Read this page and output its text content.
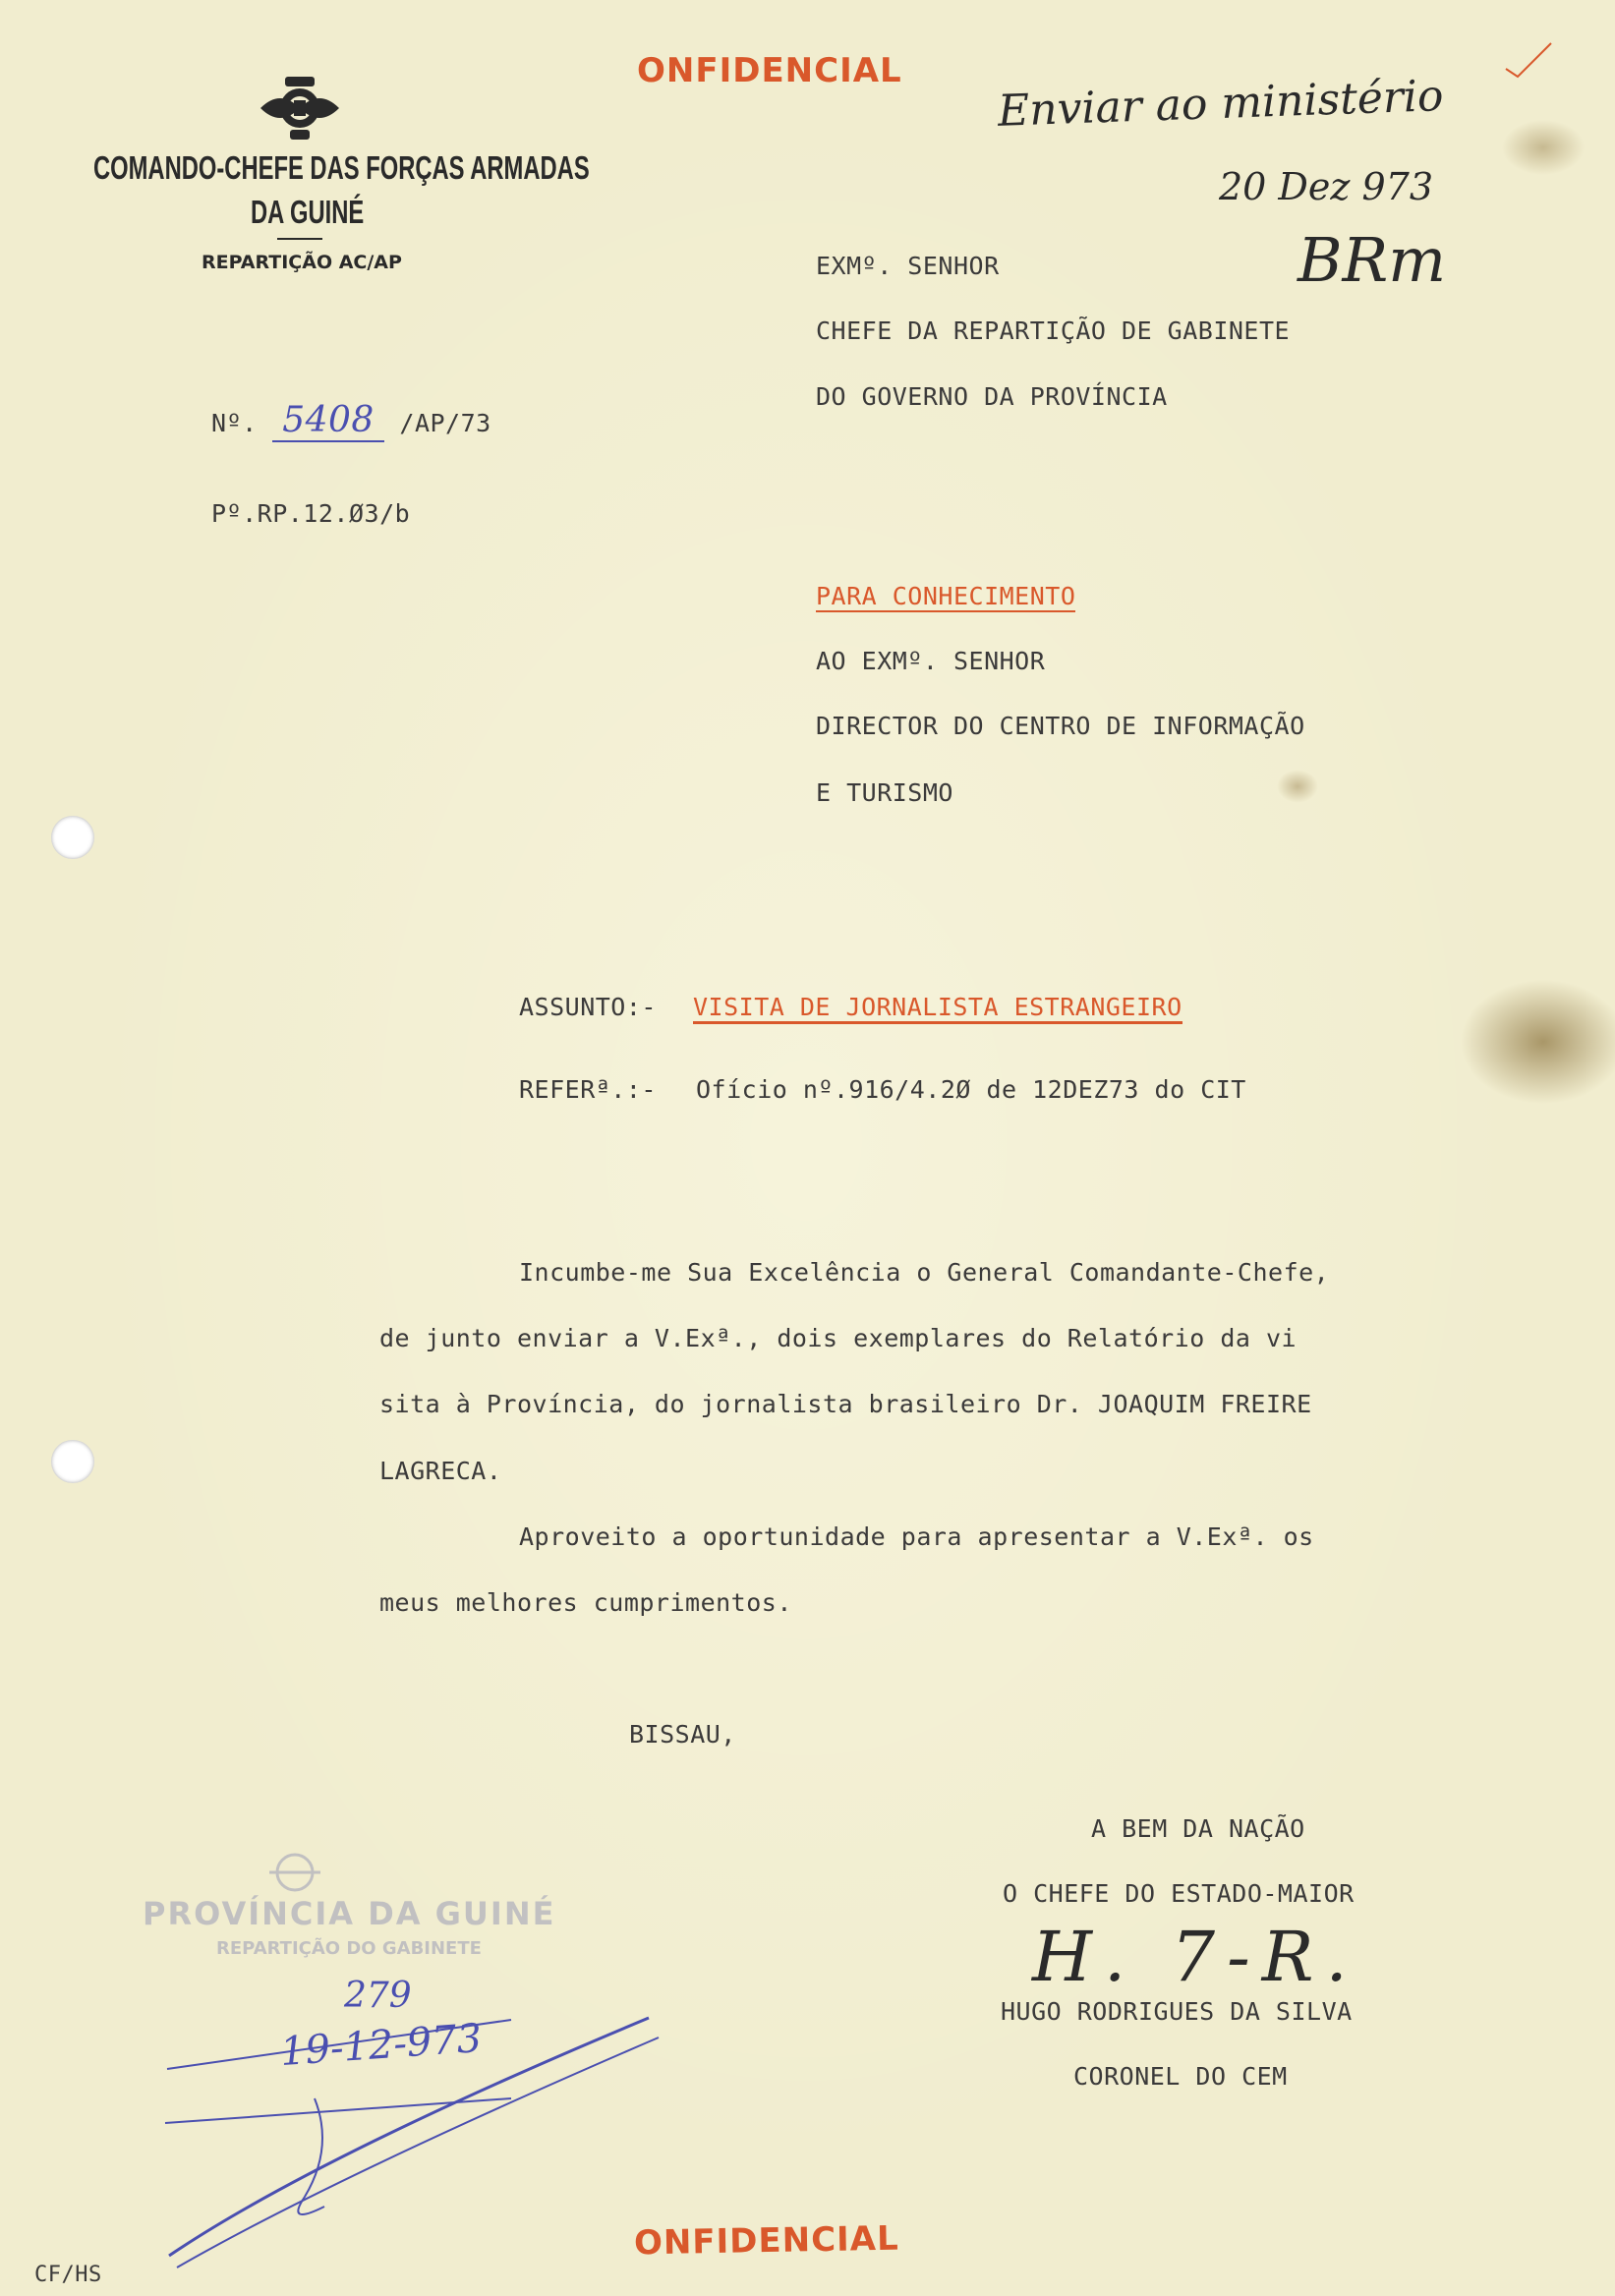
ONFIDENCIAL
COMANDO-CHEFE DAS FORÇAS ARMADAS
DA GUINÉ
REPARTIÇÃO AC/AP
Enviar ao ministério
20 Dez 973
BRm
Nº. 5408 /AP/73
Pº.RP.12.Ø3/b
EXMº. SENHOR
CHEFE DA REPARTIÇÃO DE GABINETE
DO GOVERNO DA PROVÍNCIA
PARA CONHECIMENTO
AO EXMº. SENHOR
DIRECTOR DO CENTRO DE INFORMAÇÃO
E TURISMO
ASSUNTO:- VISITA DE JORNALISTA ESTRANGEIRO
REFERª.:- Ofício nº.916/4.2Ø de 12DEZ73 do CIT
Incumbe-me Sua Excelência o General Comandante-Chefe,
de junto enviar a V.Exª., dois exemplares do Relatório da vi
sita à Província, do jornalista brasileiro Dr. JOAQUIM FREIRE
LAGRECA.
Aproveito a oportunidade para apresentar a V.Exª. os
meus melhores cumprimentos.
BISSAU,
A BEM DA NAÇÃO
O CHEFE DO ESTADO-MAIOR
H. 7-R.
HUGO RODRIGUES DA SILVA
CORONEL DO CEM
PROVÍNCIA DA GUINÉ
REPARTIÇÃO DO GABINETE
279
19-12-973
ONFIDENCIAL
CF/HS
